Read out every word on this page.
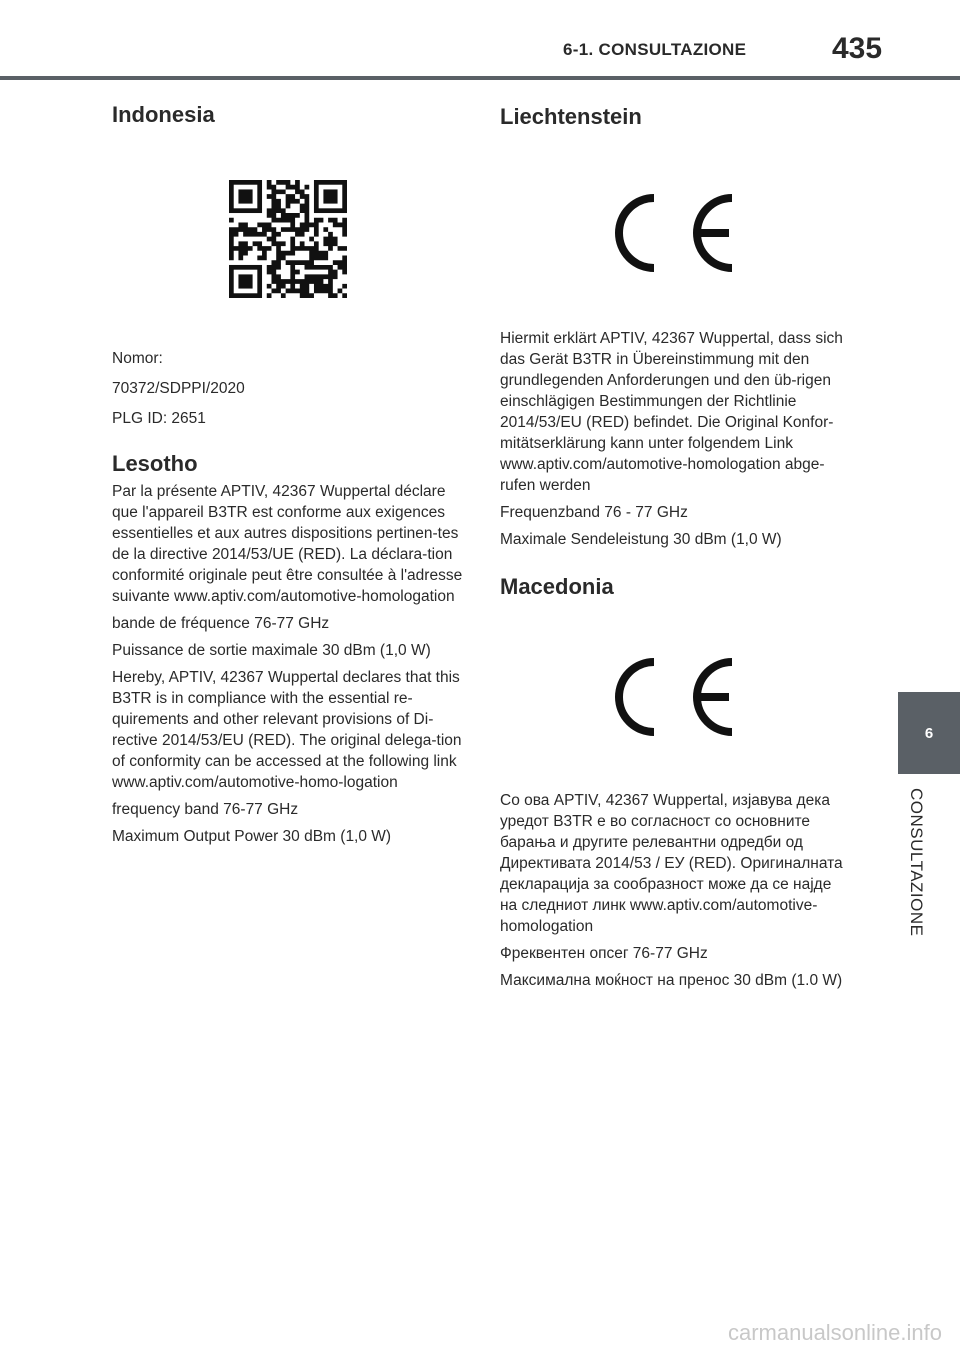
6-1. CONSULTAZIONE	435
Indonesia

Nomor:

70372/SDPPI/2020

PLG ID: 2651

Lesotho

Par la présente APTIV, 42367 Wuppertal déclare que l'appareil B3TR est conforme aux exigences essentielles et aux autres dispositions pertinen-tes de la directive 2014/53/UE (RED). La déclara-tion conformité originale peut être consultée à l'adresse suivante www.aptiv.com/automotive-homologation

bande de fréquence 76-77 GHz

Puissance de sortie maximale 30 dBm (1,0 W)

Hereby, APTIV, 42367 Wuppertal declares that this B3TR is in compliance with the essential re-quirements and other relevant provisions of Di-rective 2014/53/EU (RED). The original delega-tion of conformity can be accessed at the following link www.aptiv.com/automotive-homo-logation

frequency band 76-77 GHz

Maximum Output Power 30 dBm (1,0 W)

Liechtenstein

Hiermit erklärt APTIV, 42367 Wuppertal, dass sich das Gerät B3TR in Übereinstimmung mit den grundlegenden Anforderungen und den üb-rigen einschlägigen Bestimmungen der Richtlinie 2014/53/EU (RED) befindet. Die Original Konfor-mitätserklärung kann unter folgendem Link www.aptiv.com/automotive-homologation abge-rufen werden

Frequenzband 76 - 77 GHz

Maximale Sendeleistung 30 dBm (1,0 W)

Macedonia

Со ова APTIV, 42367 Wuppertal, изјавува дека уредот B3TR е во согласност со основните барања и другите релевантни одредби од Директивата 2014/53 / ЕУ (RED). Оригиналната декларација за сообразност може да се најде на следниот линк www.aptiv.com/automotive-homologation

Фреквентен опсег 76-77 GHz

Максимална моќност на пренос 30 dBm (1.0 W)

6
CONSULTAZIONE
carmanualsonline.info
